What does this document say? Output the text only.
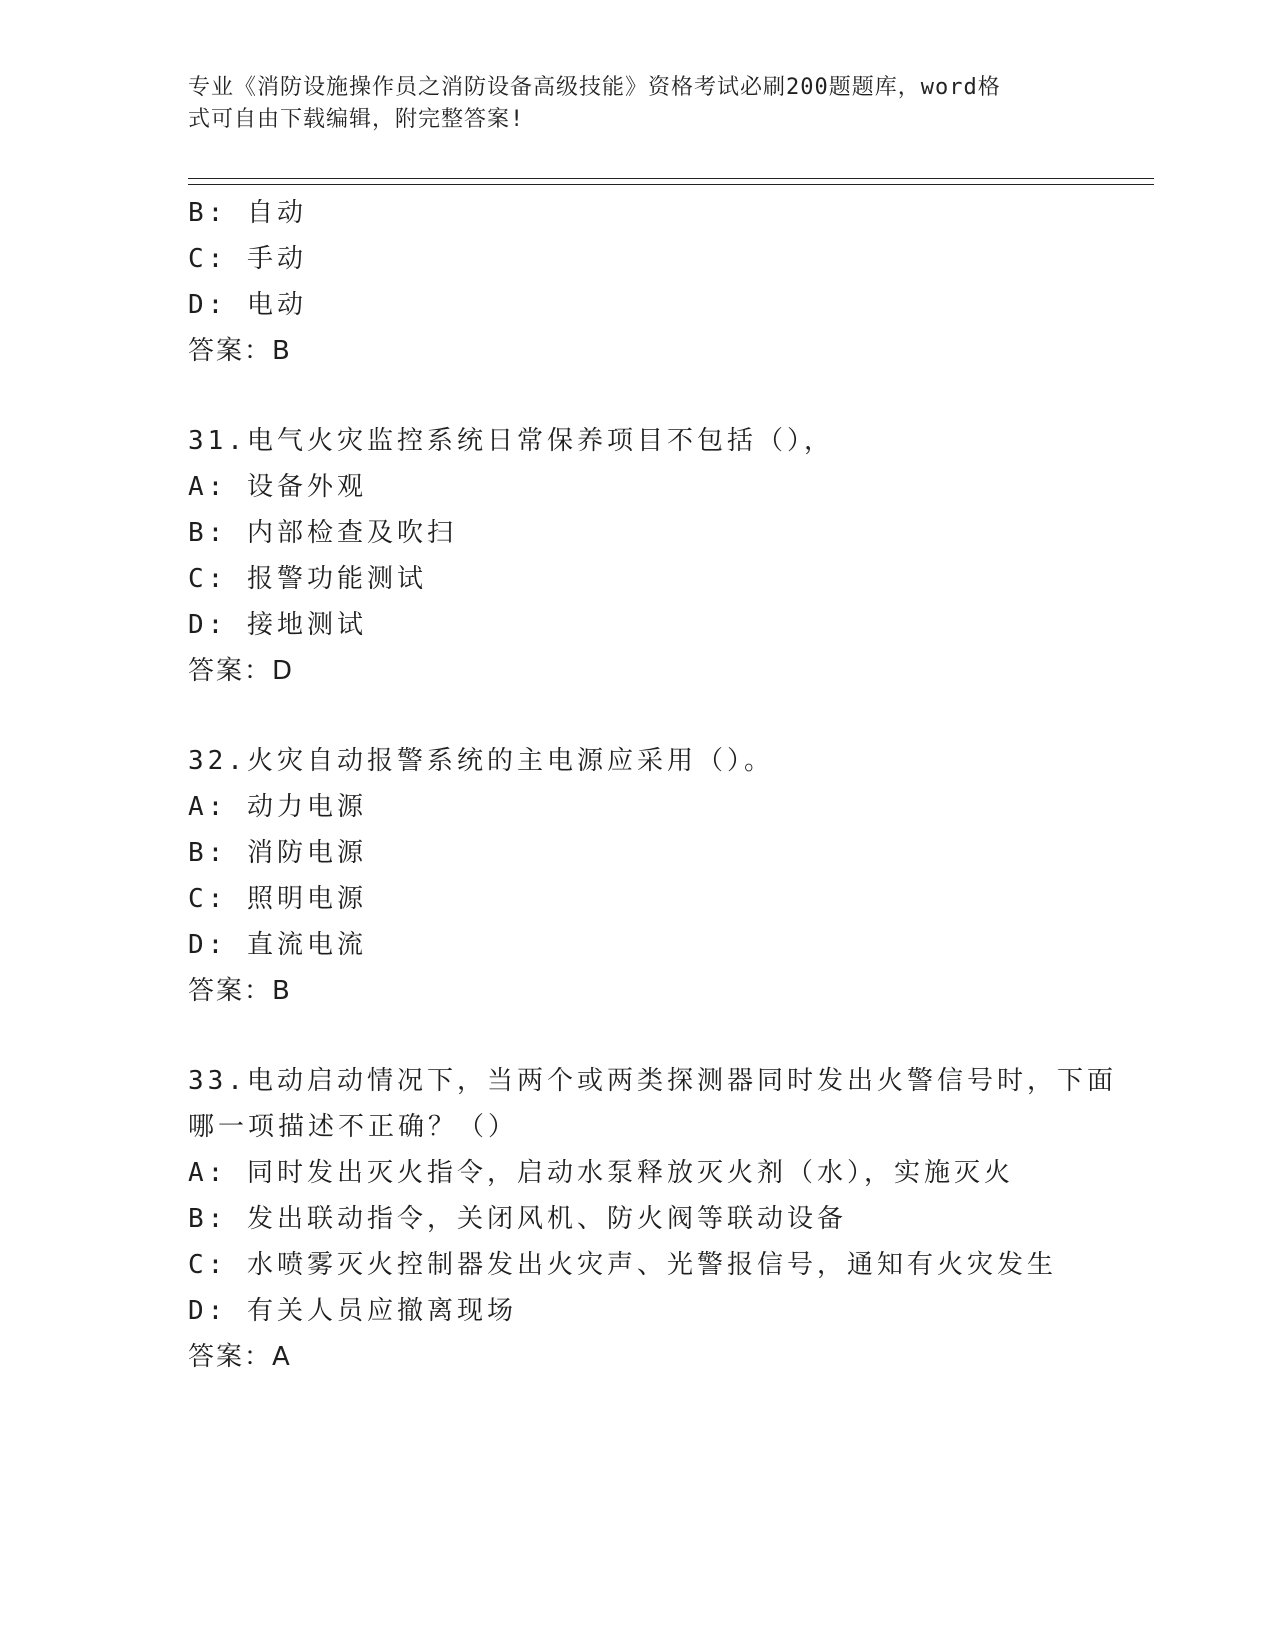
专业《消防设施操作员之消防设备高级技能》资格考试必刷200题题库，word格
式可自由下载编辑，附完整答案!
B: 自动
C: 手动
D: 电动
答案：B
31.电气火灾监控系统日常保养项目不包括（），
A: 设备外观
B: 内部检查及吹扫
C: 报警功能测试
D: 接地测试
答案：D
32.火灾自动报警系统的主电源应采用（）。
A: 动力电源
B: 消防电源
C: 照明电源
D: 直流电流
答案：B
33.电动启动情况下，当两个或两类探测器同时发出火警信号时，下面
哪一项描述不正确？（）
A: 同时发出灭火指令，启动水泵释放灭火剂（水），实施灭火
B: 发出联动指令，关闭风机、防火阀等联动设备
C: 水喷雾灭火控制器发出火灾声、光警报信号，通知有火灾发生
D: 有关人员应撤离现场
答案：A
